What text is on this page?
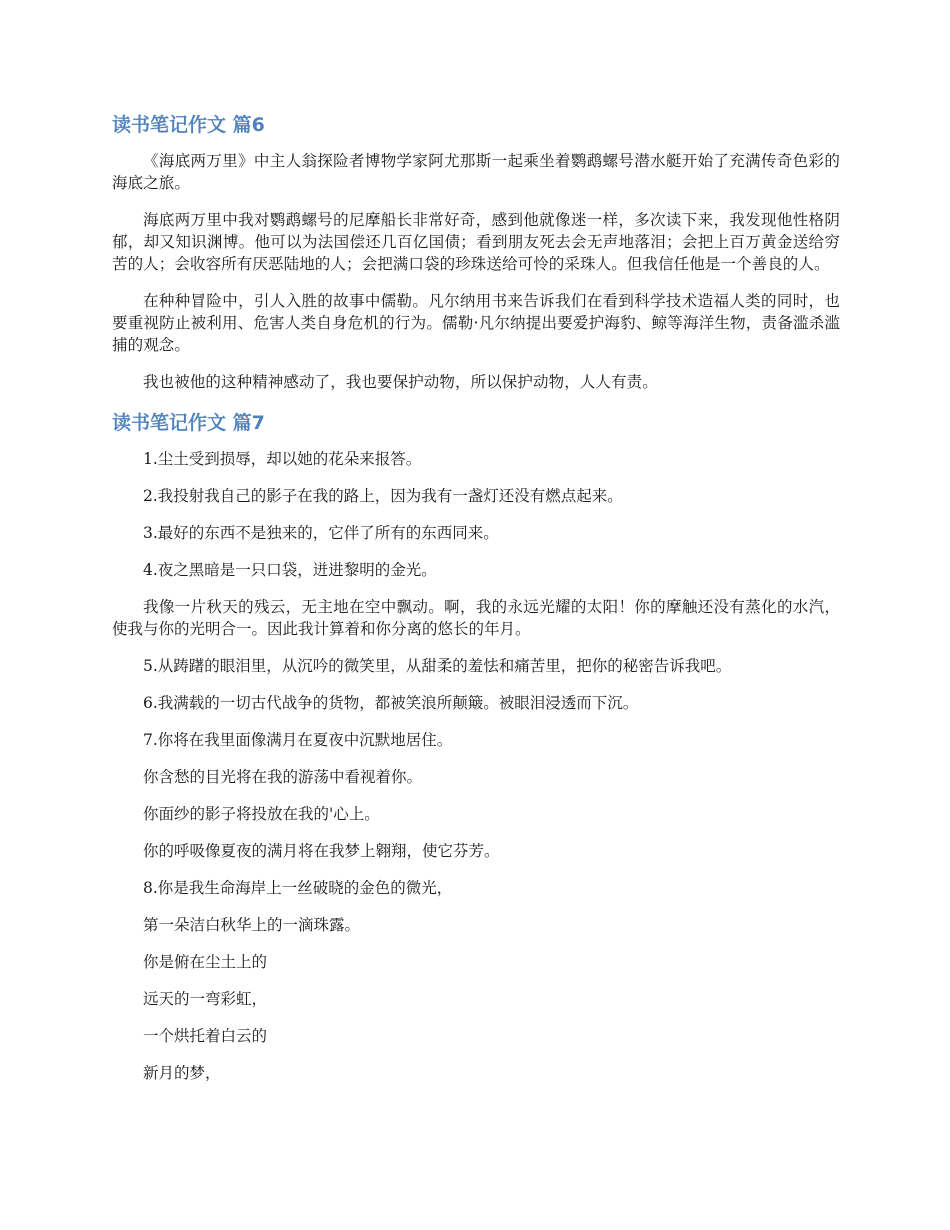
读书笔记作文 篇6

《海底两万里》中主人翁探险者博物学家阿尤那斯一起乘坐着鹦鹉螺号潜水艇开始了充满传奇色彩的海底之旅。

海底两万里中我对鹦鹉螺号的尼摩船长非常好奇，感到他就像迷一样，多次读下来，我发现他性格阴郁，却又知识渊博。他可以为法国偿还几百亿国债；看到朋友死去会无声地落泪；会把上百万黄金送给穷苦的人；会收容所有厌恶陆地的人；会把满口袋的珍珠送给可怜的采珠人。但我信任他是一个善良的人。

在种种冒险中，引人入胜的故事中儒勒。凡尔纳用书来告诉我们在看到科学技术造福人类的同时，也要重视防止被利用、危害人类自身危机的行为。儒勒·凡尔纳提出要爱护海豹、鲸等海洋生物，责备滥杀滥捕的观念。

我也被他的这种精神感动了，我也要保护动物，所以保护动物，人人有责。

读书笔记作文 篇7

1.尘土受到损辱，却以她的花朵来报答。

2.我投射我自己的影子在我的路上，因为我有一盏灯还没有燃点起来。

3.最好的东西不是独来的，它伴了所有的东西同来。

4.夜之黑暗是一只口袋，迸进黎明的金光。

我像一片秋天的残云，无主地在空中飘动。啊，我的永远光耀的太阳！你的摩触还没有蒸化的水汽，使我与你的光明合一。因此我计算着和你分离的悠长的年月。

5.从踌躇的眼泪里，从沉吟的微笑里，从甜柔的羞怯和痛苦里，把你的秘密告诉我吧。

6.我满载的一切古代战争的货物，都被笑浪所颠簸。被眼泪浸透而下沉。

7.你将在我里面像满月在夏夜中沉默地居住。

你含愁的目光将在我的游荡中看视着你。

你面纱的影子将投放在我的'心上。

你的呼吸像夏夜的满月将在我梦上翱翔，使它芬芳。

8.你是我生命海岸上一丝破晓的金色的微光，

第一朵洁白秋华上的一滴珠露。

你是俯在尘土上的

远天的一弯彩虹，

一个烘托着白云的

新月的梦，
